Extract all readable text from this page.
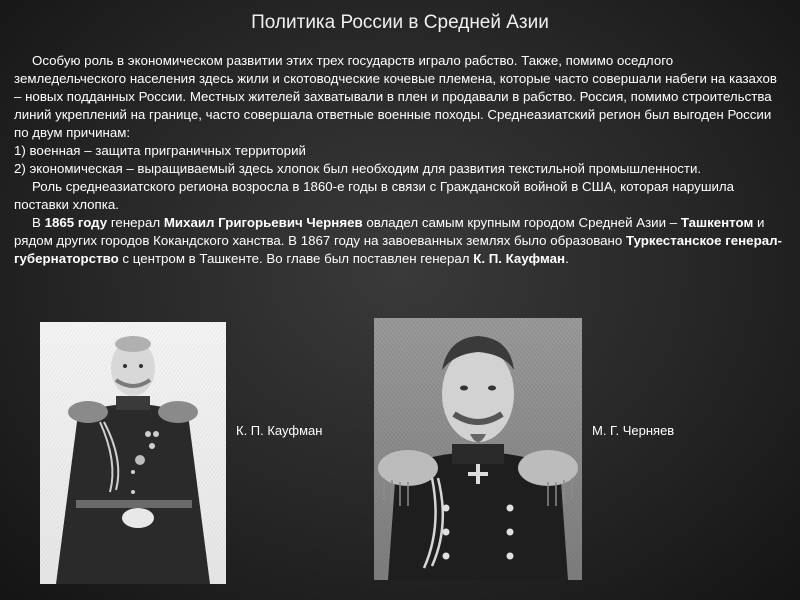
Политика России в Средней Азии

Особую роль в экономическом развитии этих трех государств играло рабство. Также, помимо оседлого земледельческого населения здесь жили и скотоводческие кочевые племена, которые часто совершали набеги на казахов – новых подданных России. Местных жителей захватывали в плен и продавали в рабство. Россия, помимо строительства линий укреплений на границе, часто совершала ответные военные походы. Среднеазиатский регион был выгоден России по двум причинам:

1) военная – защита приграничных территорий

2) экономическая – выращиваемый здесь хлопок был необходим для развития текстильной промышленности.

Роль среднеазиатского региона возросла в 1860-е годы в связи с Гражданской войной в США, которая нарушила поставки хлопка.

В 1865 году генерал Михаил Григорьевич Черняев овладел самым крупным городом Средней Азии – Ташкентом и рядом других городов Кокандского ханства. В 1867 году на завоеванных землях было образовано Туркестанское генерал-губернаторство с центром в Ташкенте. Во главе был поставлен генерал К. П. Кауфман.

К. П. Кауфман	М. Г. Черняев
